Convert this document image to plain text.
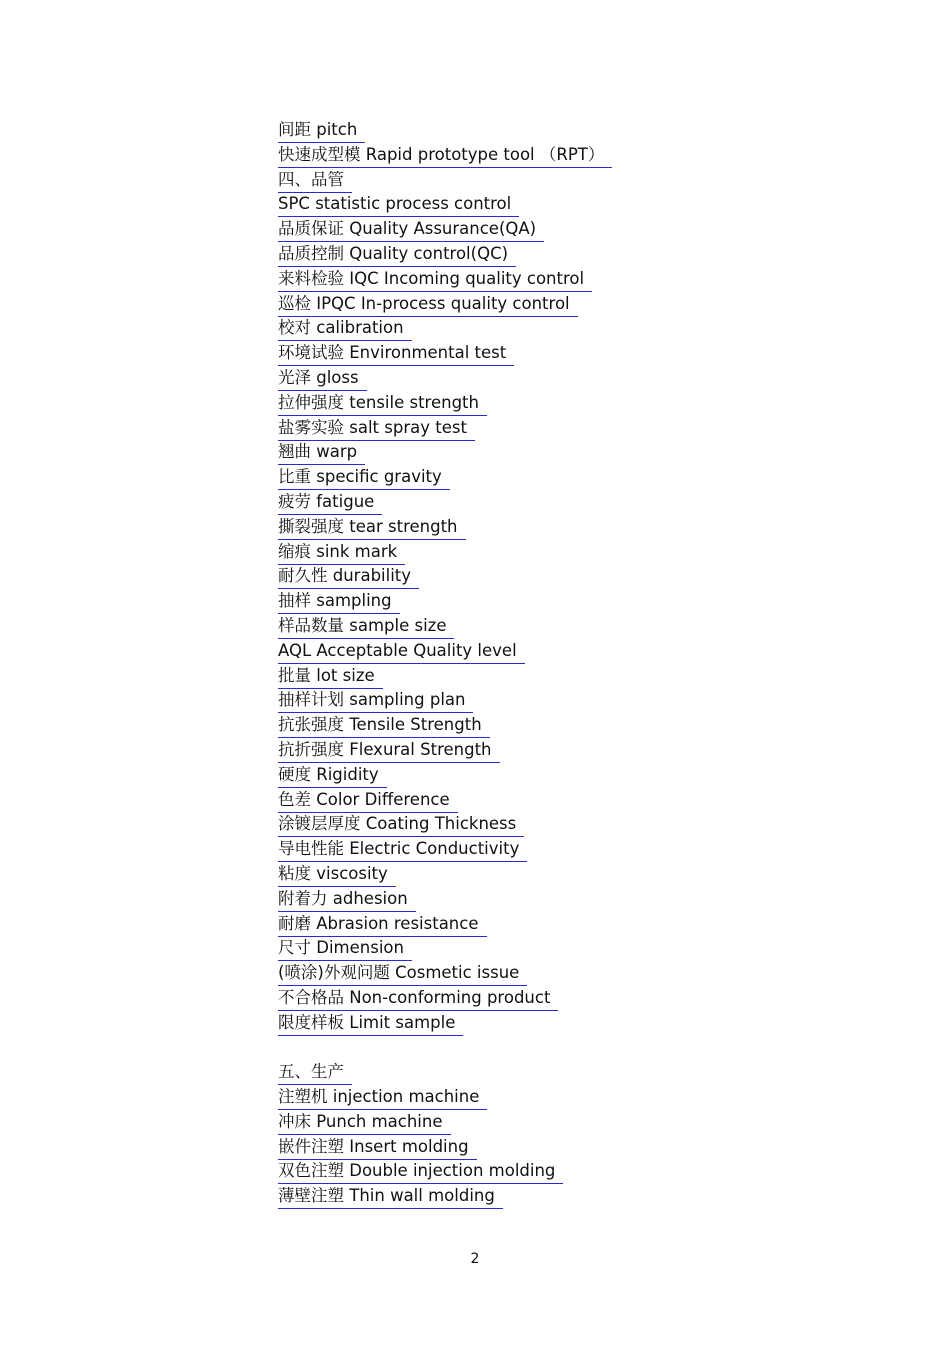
间距 pitch
快速成型模 Rapid prototype tool （RPT）
四、品管
SPC statistic process control
品质保证 Quality Assurance(QA)
品质控制 Quality control(QC)
来料检验 IQC Incoming quality control
巡检 IPQC In-process quality control
校对 calibration
环境试验 Environmental test
光泽 gloss
拉伸强度 tensile strength
盐雾实验 salt spray test
翘曲 warp
比重 specific gravity
疲劳 fatigue
撕裂强度 tear strength
缩痕 sink mark
耐久性 durability
抽样 sampling
样品数量 sample size
AQL Acceptable Quality level
批量 lot size
抽样计划 sampling plan
抗张强度 Tensile Strength
抗折强度 Flexural Strength
硬度 Rigidity
色差 Color Difference
涂镀层厚度 Coating Thickness
导电性能 Electric Conductivity
粘度 viscosity
附着力 adhesion
耐磨 Abrasion resistance
尺寸 Dimension
(喷涂)外观问题 Cosmetic issue
不合格品 Non-conforming product
限度样板 Limit sample
五、生产
注塑机 injection machine
冲床 Punch machine
嵌件注塑 Insert molding
双色注塑 Double injection molding
薄壁注塑 Thin wall molding
2
